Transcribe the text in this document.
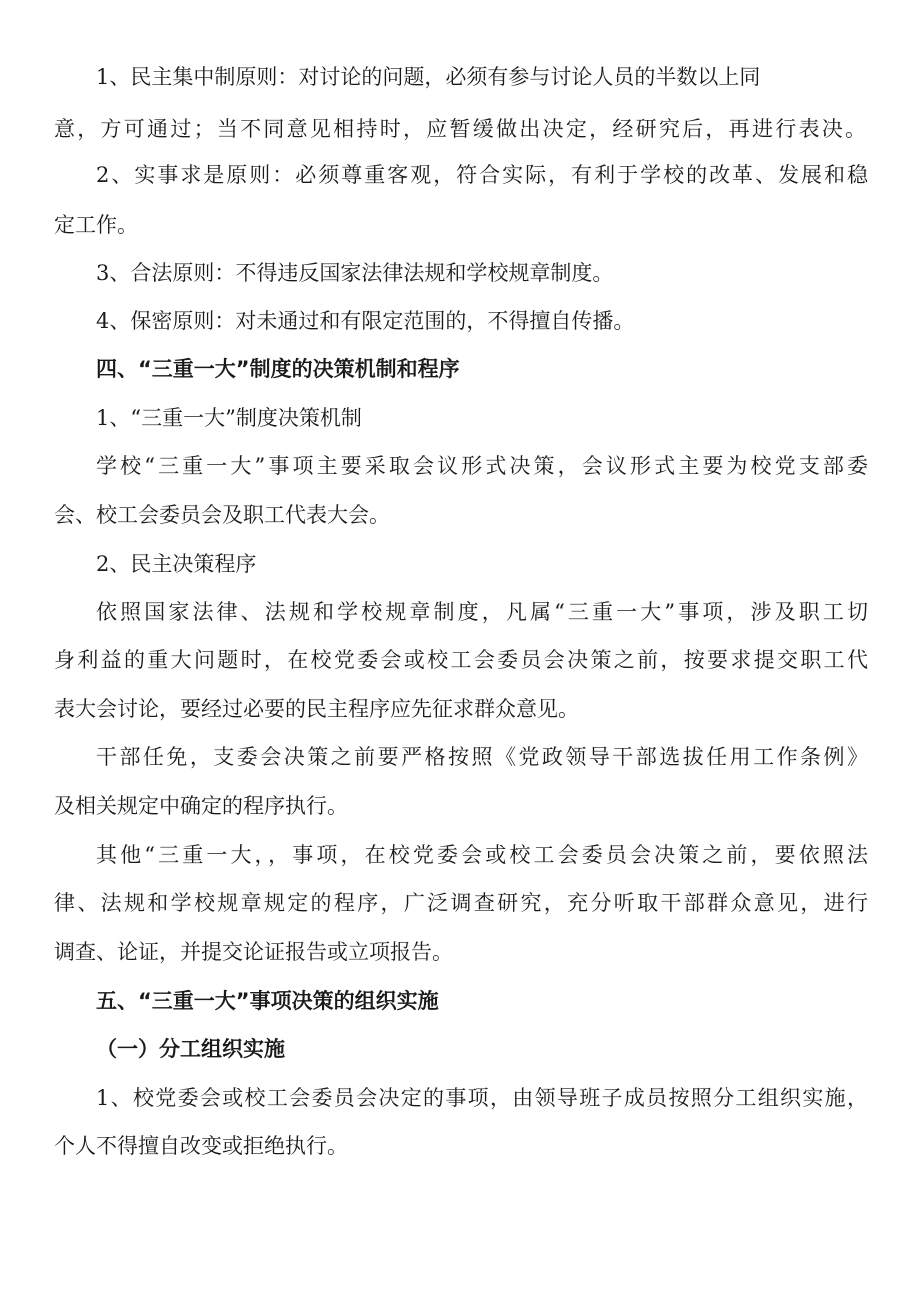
1、民主集中制原则：对讨论的问题，必须有参与讨论人员的半数以上同
意，方可通过；当不同意见相持时，应暂缓做出决定，经研究后，再进行表决。
2、实事求是原则：必须尊重客观，符合实际，有利于学校的改革、发展和稳
定工作。
3、合法原则：不得违反国家法律法规和学校规章制度。
4、保密原则：对未通过和有限定范围的，不得擅自传播。
四、“三重一大”制度的决策机制和程序
1、“三重一大”制度决策机制
学校“三重一大”事项主要采取会议形式决策，会议形式主要为校党支部委
会、校工会委员会及职工代表大会。
2、民主决策程序
依照国家法律、法规和学校规章制度，凡属“三重一大”事项，涉及职工切
身利益的重大问题时，在校党委会或校工会委员会决策之前，按要求提交职工代
表大会讨论，要经过必要的民主程序应先征求群众意见。
干部任免，支委会决策之前要严格按照《党政领导干部选拔任用工作条例》
及相关规定中确定的程序执行。
其他“三重一大，，事项，在校党委会或校工会委员会决策之前，要依照法
律、法规和学校规章规定的程序，广泛调查研究，充分听取干部群众意见，进行
调查、论证，并提交论证报告或立项报告。
五、“三重一大”事项决策的组织实施
（一）分工组织实施
1、校党委会或校工会委员会决定的事项，由领导班子成员按照分工组织实施，
个人不得擅自改变或拒绝执行。
